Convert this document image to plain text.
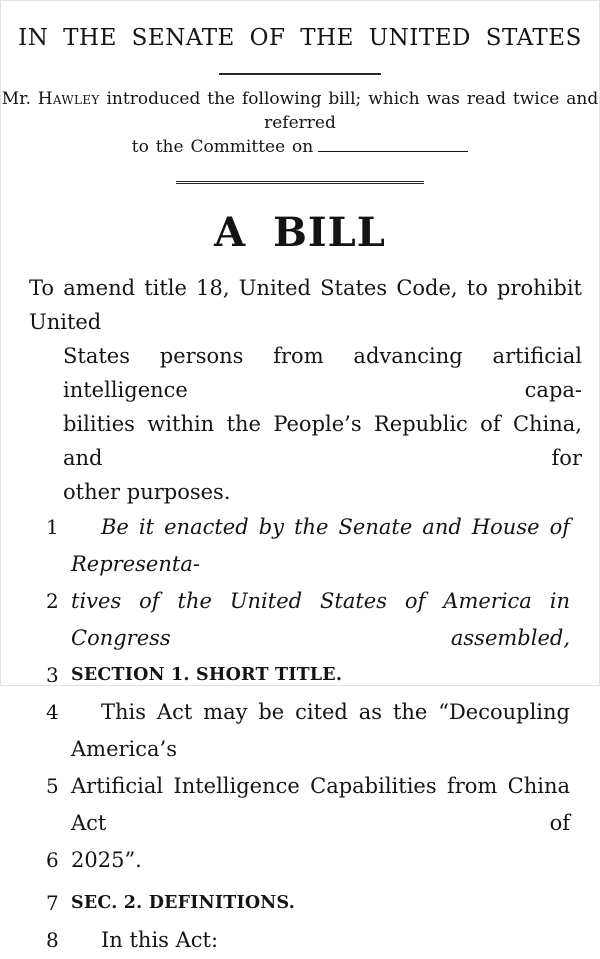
IN THE SENATE OF THE UNITED STATES
Mr. Hawley introduced the following bill; which was read twice and referred
to the Committee on
A BILL
To amend title 18, United States Code, to prohibit United
States persons from advancing artificial intelligence capa-
bilities within the People’s Republic of China, and for
other purposes.
1	Be it enacted by the Senate and House of Representa-
2 tives of the United States of America in Congress assembled,
3 SECTION 1. SHORT TITLE.
4	This Act may be cited as the “Decoupling America’s
5 Artificial Intelligence Capabilities from China Act of
6 2025”.
7 SEC. 2. DEFINITIONS.
8	In this Act:
